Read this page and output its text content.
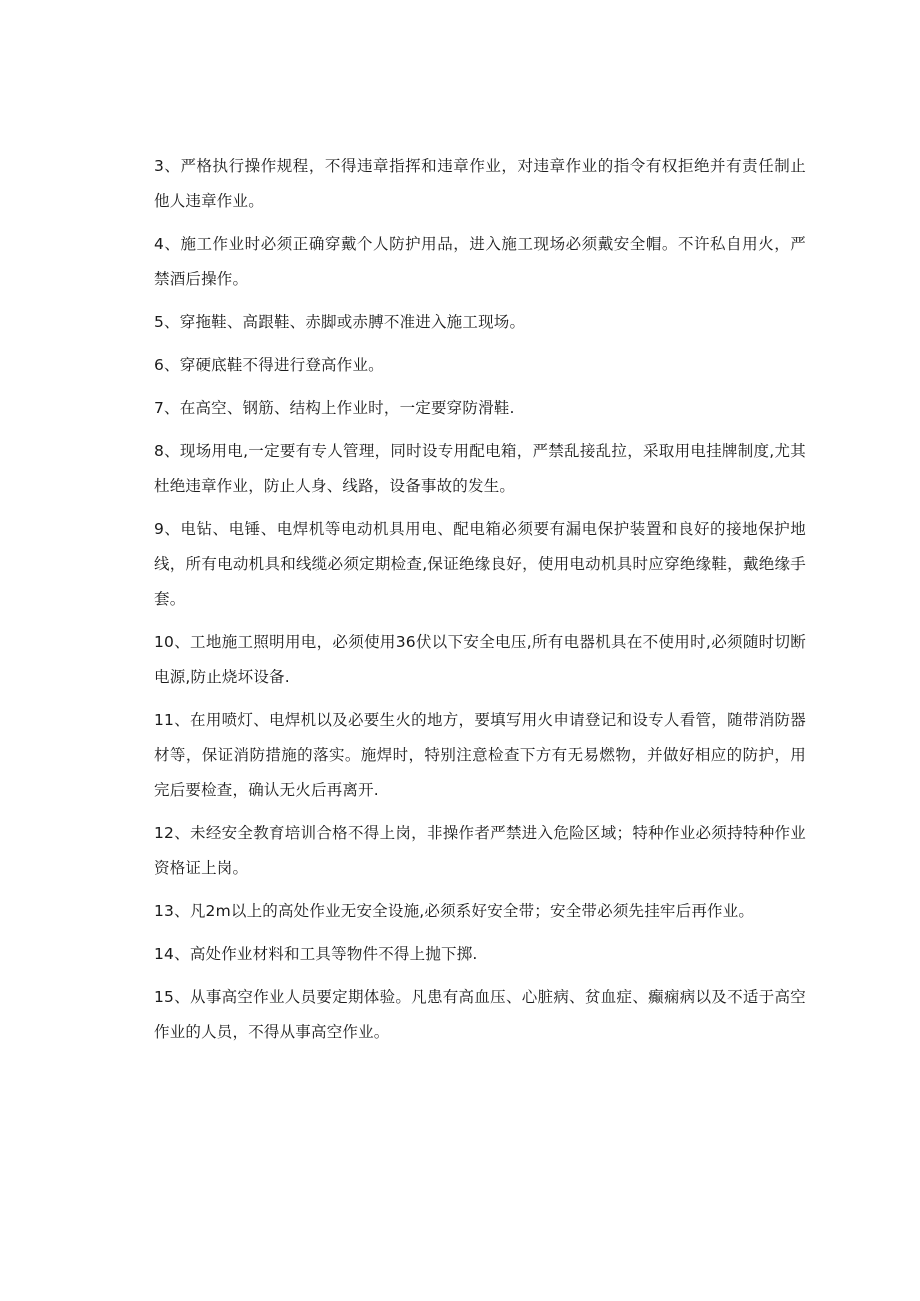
3、严格执行操作规程，不得违章指挥和违章作业，对违章作业的指令有权拒绝并有责任制止他人违章作业。

4、施工作业时必须正确穿戴个人防护用品，进入施工现场必须戴安全帽。不许私自用火，严禁酒后操作。

5、穿拖鞋、高跟鞋、赤脚或赤膊不准进入施工现场。

6、穿硬底鞋不得进行登高作业。

7、在高空、钢筋、结构上作业时，一定要穿防滑鞋.

8、现场用电,一定要有专人管理，同时设专用配电箱，严禁乱接乱拉，采取用电挂牌制度,尤其杜绝违章作业，防止人身、线路，设备事故的发生。

9、电钻、电锤、电焊机等电动机具用电、配电箱必须要有漏电保护装置和良好的接地保护地线，所有电动机具和线缆必须定期检查,保证绝缘良好，使用电动机具时应穿绝缘鞋，戴绝缘手套。

10、工地施工照明用电，必须使用36伏以下安全电压,所有电器机具在不使用时,必须随时切断电源,防止烧坏设备.

11、在用喷灯、电焊机以及必要生火的地方，要填写用火申请登记和设专人看管，随带消防器材等，保证消防措施的落实。施焊时，特别注意检查下方有无易燃物，并做好相应的防护，用完后要检查，确认无火后再离开.

12、未经安全教育培训合格不得上岗，非操作者严禁进入危险区域；特种作业必须持特种作业资格证上岗。

13、凡2m以上的高处作业无安全设施,必须系好安全带；安全带必须先挂牢后再作业。

14、高处作业材料和工具等物件不得上抛下掷.

15、从事高空作业人员要定期体验。凡患有高血压、心脏病、贫血症、癫痫病以及不适于高空作业的人员，不得从事高空作业。
